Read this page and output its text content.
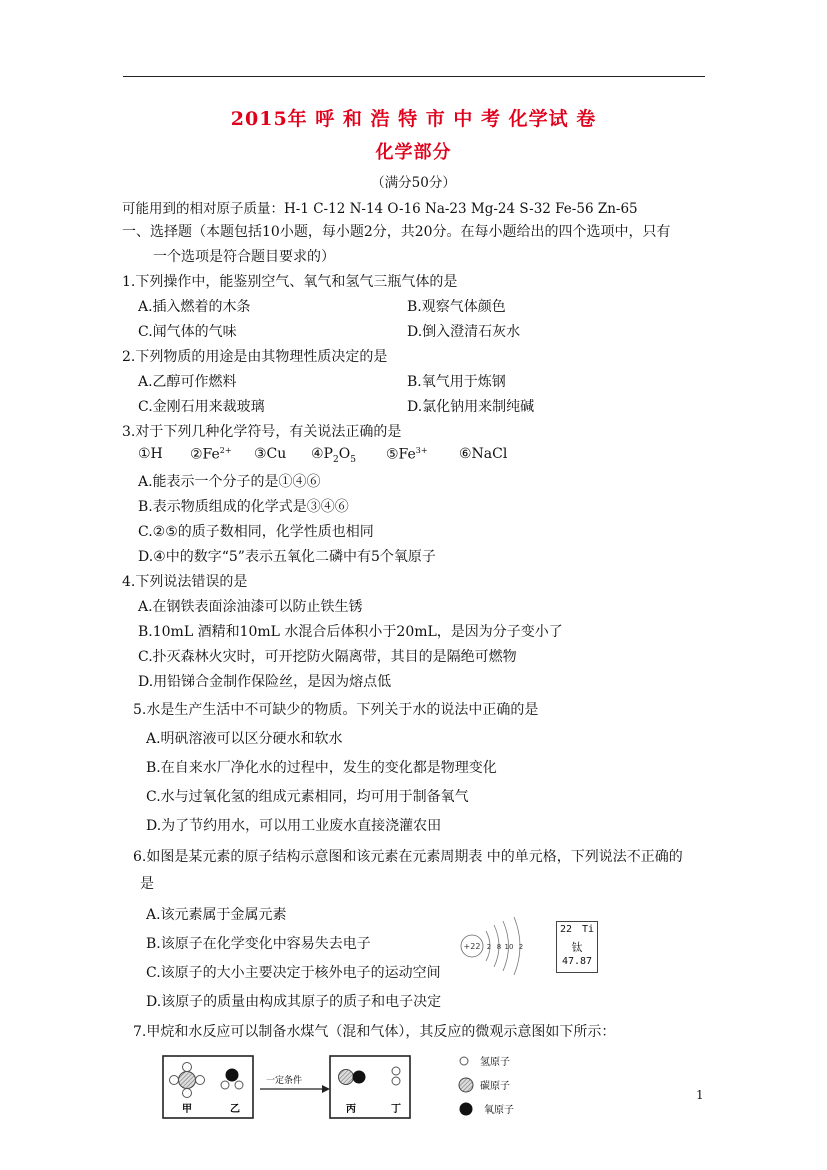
2015年 呼 和 浩 特 市 中 考 化学试 卷
化学部分
（满分50分）
可能用到的相对原子质量：H-1 C-12 N-14 O-16 Na-23 Mg-24 S-32 Fe-56 Zn-65
一、选择题（本题包括10小题，每小题2分，共20分。在每小题给出的四个选项中，只有
一个选项是符合题目要求的）
1.下列操作中，能鉴别空气、氧气和氢气三瓶气体的是
A.插入燃着的木条	B.观察气体颜色
C.闻气体的气味	D.倒入澄清石灰水
2.下列物质的用途是由其物理性质决定的是
A.乙醇可作燃料	B.氧气用于炼钢
C.金刚石用来裁玻璃	D.氯化钠用来制纯碱
3.对于下列几种化学符号，有关说法正确的是
①H $②Fe^{2+}$ ③Cu $④P_2O_5$ $⑤Fe^{3+}$ ⑥NaCl
A.能表示一个分子的是①④⑥
B.表示物质组成的化学式是③④⑥
C.②⑤的质子数相同，化学性质也相同
D.④中的数字“5”表示五氧化二磷中有5个氧原子
4.下列说法错误的是
A.在钢铁表面涂油漆可以防止铁生锈
B.10mL 酒精和10mL 水混合后体积小于20mL，是因为分子变小了
C.扑灭森林火灾时，可开挖防火隔离带，其目的是隔绝可燃物
D.用铅锑合金制作保险丝，是因为熔点低
5.水是生产生活中不可缺少的物质。下列关于水的说法中正确的是
A.明矾溶液可以区分硬水和软水
B.在自来水厂净化水的过程中，发生的变化都是物理变化
C.水与过氧化氢的组成元素相同，均可用于制备氧气
D.为了节约用水，可以用工业废水直接浇灌农田
6.如图是某元素的原子结构示意图和该元素在元素周期表 中的单元格，下列说法不正确的
是
A.该元素属于金属元素
B.该原子在化学变化中容易失去电子
C.该原子的大小主要决定于核外电子的运动空间
D.该原子的质量由构成其原子的质子和电子决定
+22 2 8 10 2
22 Ti
钛
47.87
7.甲烷和水反应可以制备水煤气（混和气体），其反应的微观示意图如下所示：
甲	乙
一定条件
丙	丁
氢原子
碳原子
氧原子
1
